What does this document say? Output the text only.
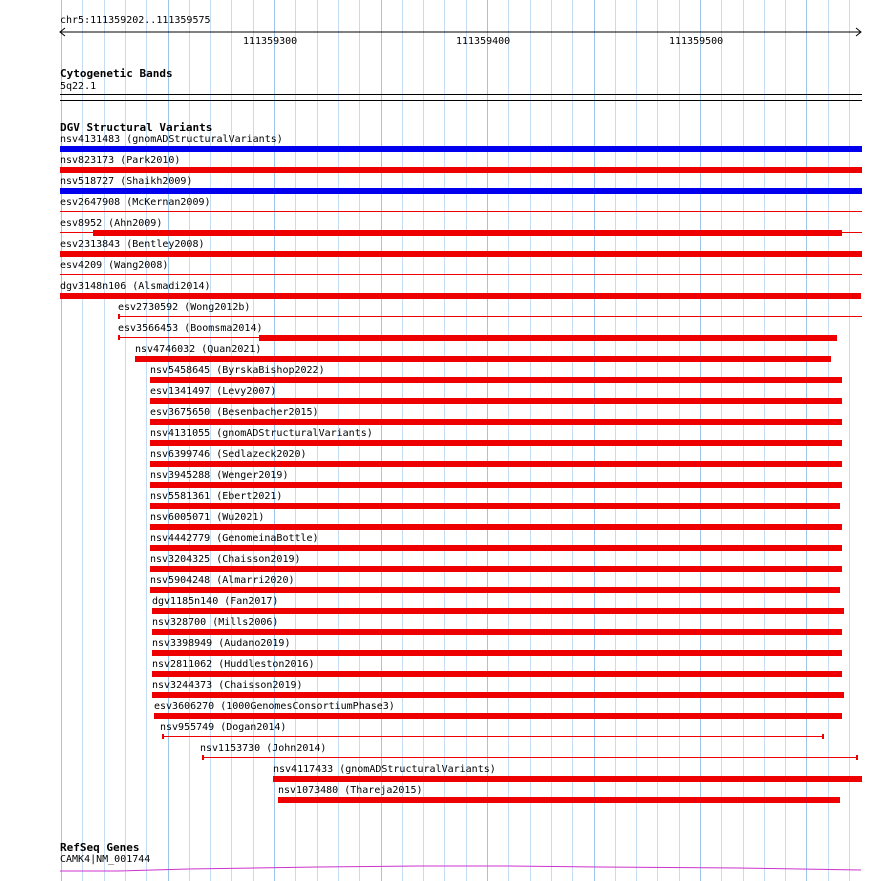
chr5:111359202..111359575
111359300	111359400	111359500
Cytogenetic Bands
5q22.1
DGV Structural Variants
nsv4131483 (gnomADStructuralVariants)
nsv823173 (Park2010)
nsv518727 (Shaikh2009)
esv2647908 (McKernan2009)
esv8952 (Ahn2009)
esv2313843 (Bentley2008)
esv4209 (Wang2008)
dgv3148n106 (Alsmadi2014)
esv2730592 (Wong2012b)
esv3566453 (Boomsma2014)
nsv4746032 (Quan2021)
nsv5458645 (ByrskaBishop2022)
esv1341497 (Levy2007)
esv3675650 (Besenbacher2015)
nsv4131055 (gnomADStructuralVariants)
nsv6399746 (Sedlazeck2020)
nsv3945288 (Wenger2019)
nsv5581361 (Ebert2021)
nsv6005071 (Wu2021)
nsv4442779 (GenomeinaBottle)
nsv3204325 (Chaisson2019)
nsv5904248 (Almarri2020)
dgv1185n140 (Fan2017)
nsv328700 (Mills2006)
nsv3398949 (Audano2019)
nsv2811062 (Huddleston2016)
nsv3244373 (Chaisson2019)
esv3606270 (1000GenomesConsortiumPhase3)
nsv955749 (Dogan2014)
nsv1153730 (John2014)
nsv4117433 (gnomADStructuralVariants)
nsv1073480 (Thareja2015)
RefSeq Genes
CAMK4|NM_001744
